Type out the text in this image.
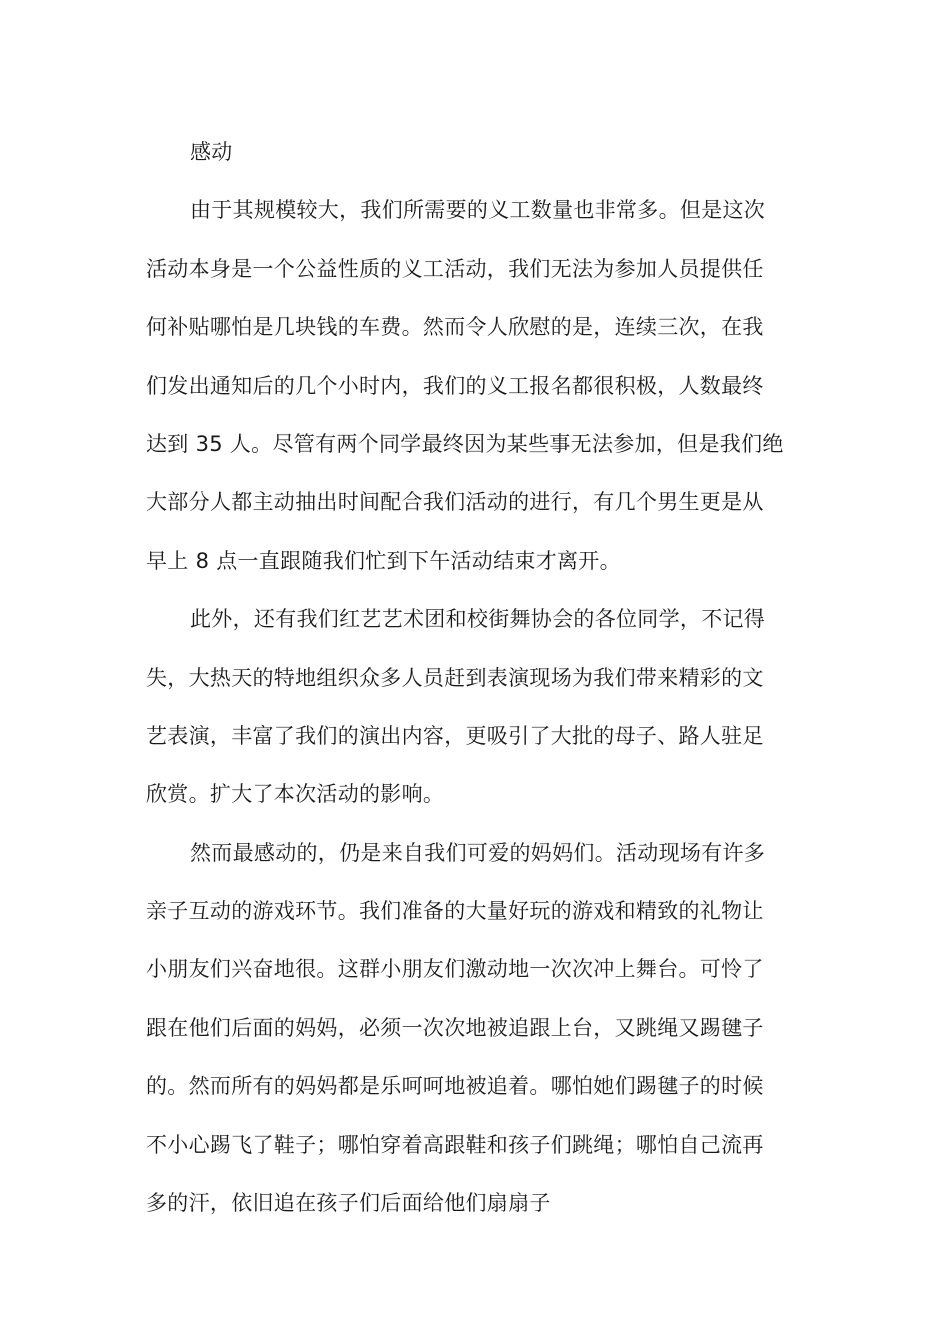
感动
由于其规模较大，我们所需要的义工数量也非常多。但是这次
活动本身是一个公益性质的义工活动，我们无法为参加人员提供任
何补贴哪怕是几块钱的车费。然而令人欣慰的是，连续三次，在我
们发出通知后的几个小时内，我们的义工报名都很积极，人数最终
达到 35 人。尽管有两个同学最终因为某些事无法参加，但是我们绝
大部分人都主动抽出时间配合我们活动的进行，有几个男生更是从
早上 8 点一直跟随我们忙到下午活动结束才离开。
此外，还有我们红艺艺术团和校街舞协会的各位同学，不记得
失，大热天的特地组织众多人员赶到表演现场为我们带来精彩的文
艺表演，丰富了我们的演出内容，更吸引了大批的母子、路人驻足
欣赏。扩大了本次活动的影响。
然而最感动的，仍是来自我们可爱的妈妈们。活动现场有许多
亲子互动的游戏环节。我们准备的大量好玩的游戏和精致的礼物让
小朋友们兴奋地很。这群小朋友们激动地一次次冲上舞台。可怜了
跟在他们后面的妈妈，必须一次次地被追跟上台，又跳绳又踢毽子
的。然而所有的妈妈都是乐呵呵地被追着。哪怕她们踢毽子的时候
不小心踢飞了鞋子；哪怕穿着高跟鞋和孩子们跳绳；哪怕自己流再
多的汗，依旧追在孩子们后面给他们扇扇子
